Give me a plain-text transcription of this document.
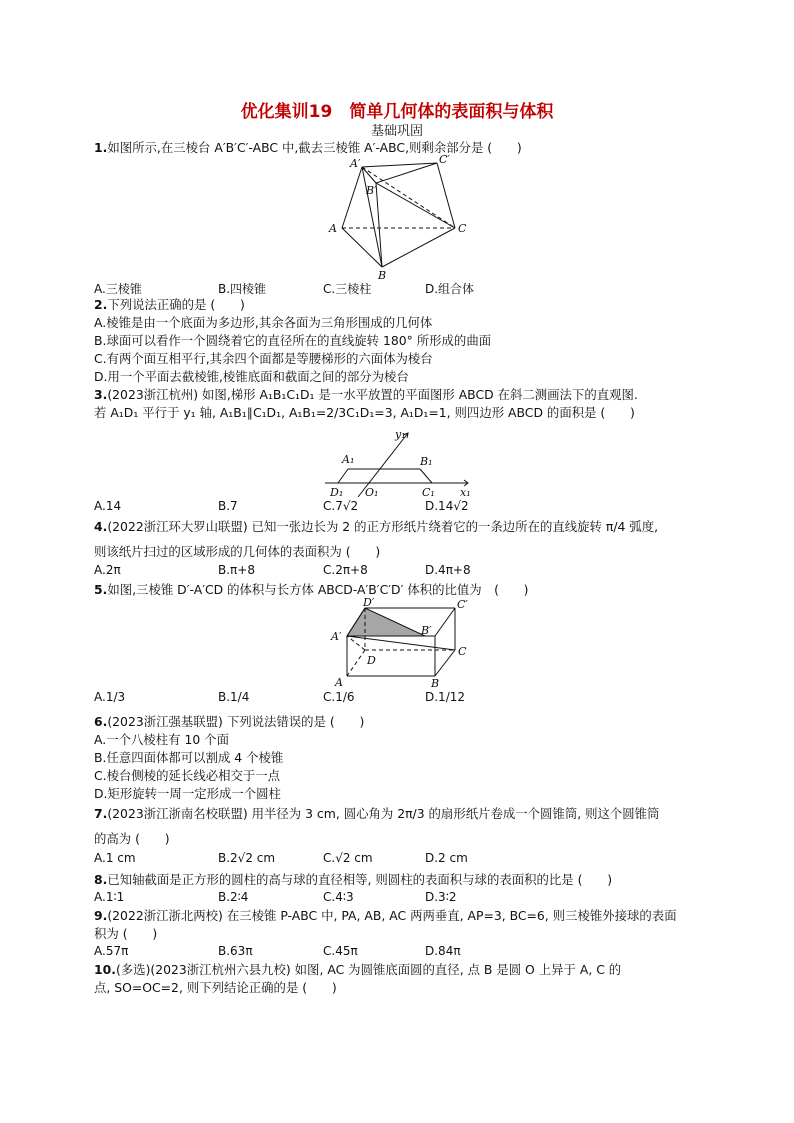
优化集训19　简单几何体的表面积与体积
基础巩固
1.如图所示,在三棱台 A′B′C′-ABC 中,截去三棱锥 A′-ABC,则剩余部分是 (　　)
A′	C′
B′
A	C
B
A.三棱锥	B.四棱锥	C.三棱柱	D.组合体
2.下列说法正确的是 (　　)
A.棱锥是由一个底面为多边形,其余各面为三角形围成的几何体
B.球面可以看作一个圆绕着它的直径所在的直线旋转 180° 所形成的曲面
C.有两个面互相平行,其余四个面都是等腰梯形的六面体为棱台
D.用一个平面去截棱锥,棱锥底面和截面之间的部分为棱台
3.(2023浙江杭州) 如图,梯形 A₁B₁C₁D₁ 是一水平放置的平面图形 ABCD 在斜二测画法下的直观图.
若 A₁D₁ 平行于 y₁ 轴, A₁B₁∥C₁D₁, A₁B₁=2/3C₁D₁=3, A₁D₁=1, 则四边形 ABCD 的面积是 (　　)
y₁
A₁	B₁
D₁ O₁	C₁ x₁
A.14	B.7	C.7√2	D.14√2
4.(2022浙江环大罗山联盟) 已知一张边长为 2 的正方形纸片绕着它的一条边所在的直线旋转 π/4 弧度,
则该纸片扫过的区域形成的几何体的表面积为 (　　)
A.2π	B.π+8	C.2π+8	D.4π+8
5.如图,三棱锥 D′-A′CD 的体积与长方体 ABCD-A′B′C′D′ 体积的比值为　(　　)
D′	C′
A′	B′
D
C
A	B
A.1/3	B.1/4	C.1/6	D.1/12
6.(2023浙江强基联盟) 下列说法错误的是 (　　)
A.一个八棱柱有 10 个面
B.任意四面体都可以割成 4 个棱锥
C.棱台侧棱的延长线必相交于一点
D.矩形旋转一周一定形成一个圆柱
7.(2023浙江浙南名校联盟) 用半径为 3 cm, 圆心角为 2π/3 的扇形纸片卷成一个圆锥筒, 则这个圆锥筒
的高为 (　　)
A.1 cm	B.2√2 cm	C.√2 cm	D.2 cm
8.已知轴截面是正方形的圆柱的高与球的直径相等, 则圆柱的表面积与球的表面积的比是 (　　)
A.1∶1	B.2∶4	C.4∶3	D.3∶2
9.(2022浙江浙北两校) 在三棱锥 P-ABC 中, PA, AB, AC 两两垂直, AP=3, BC=6, 则三棱锥外接球的表面
积为 (　　)
A.57π	B.63π	C.45π	D.84π
10.(多选)(2023浙江杭州六县九校) 如图, AC 为圆锥底面圆的直径, 点 B 是圆 O 上异于 A, C 的
点, SO=OC=2, 则下列结论正确的是 (　　)
